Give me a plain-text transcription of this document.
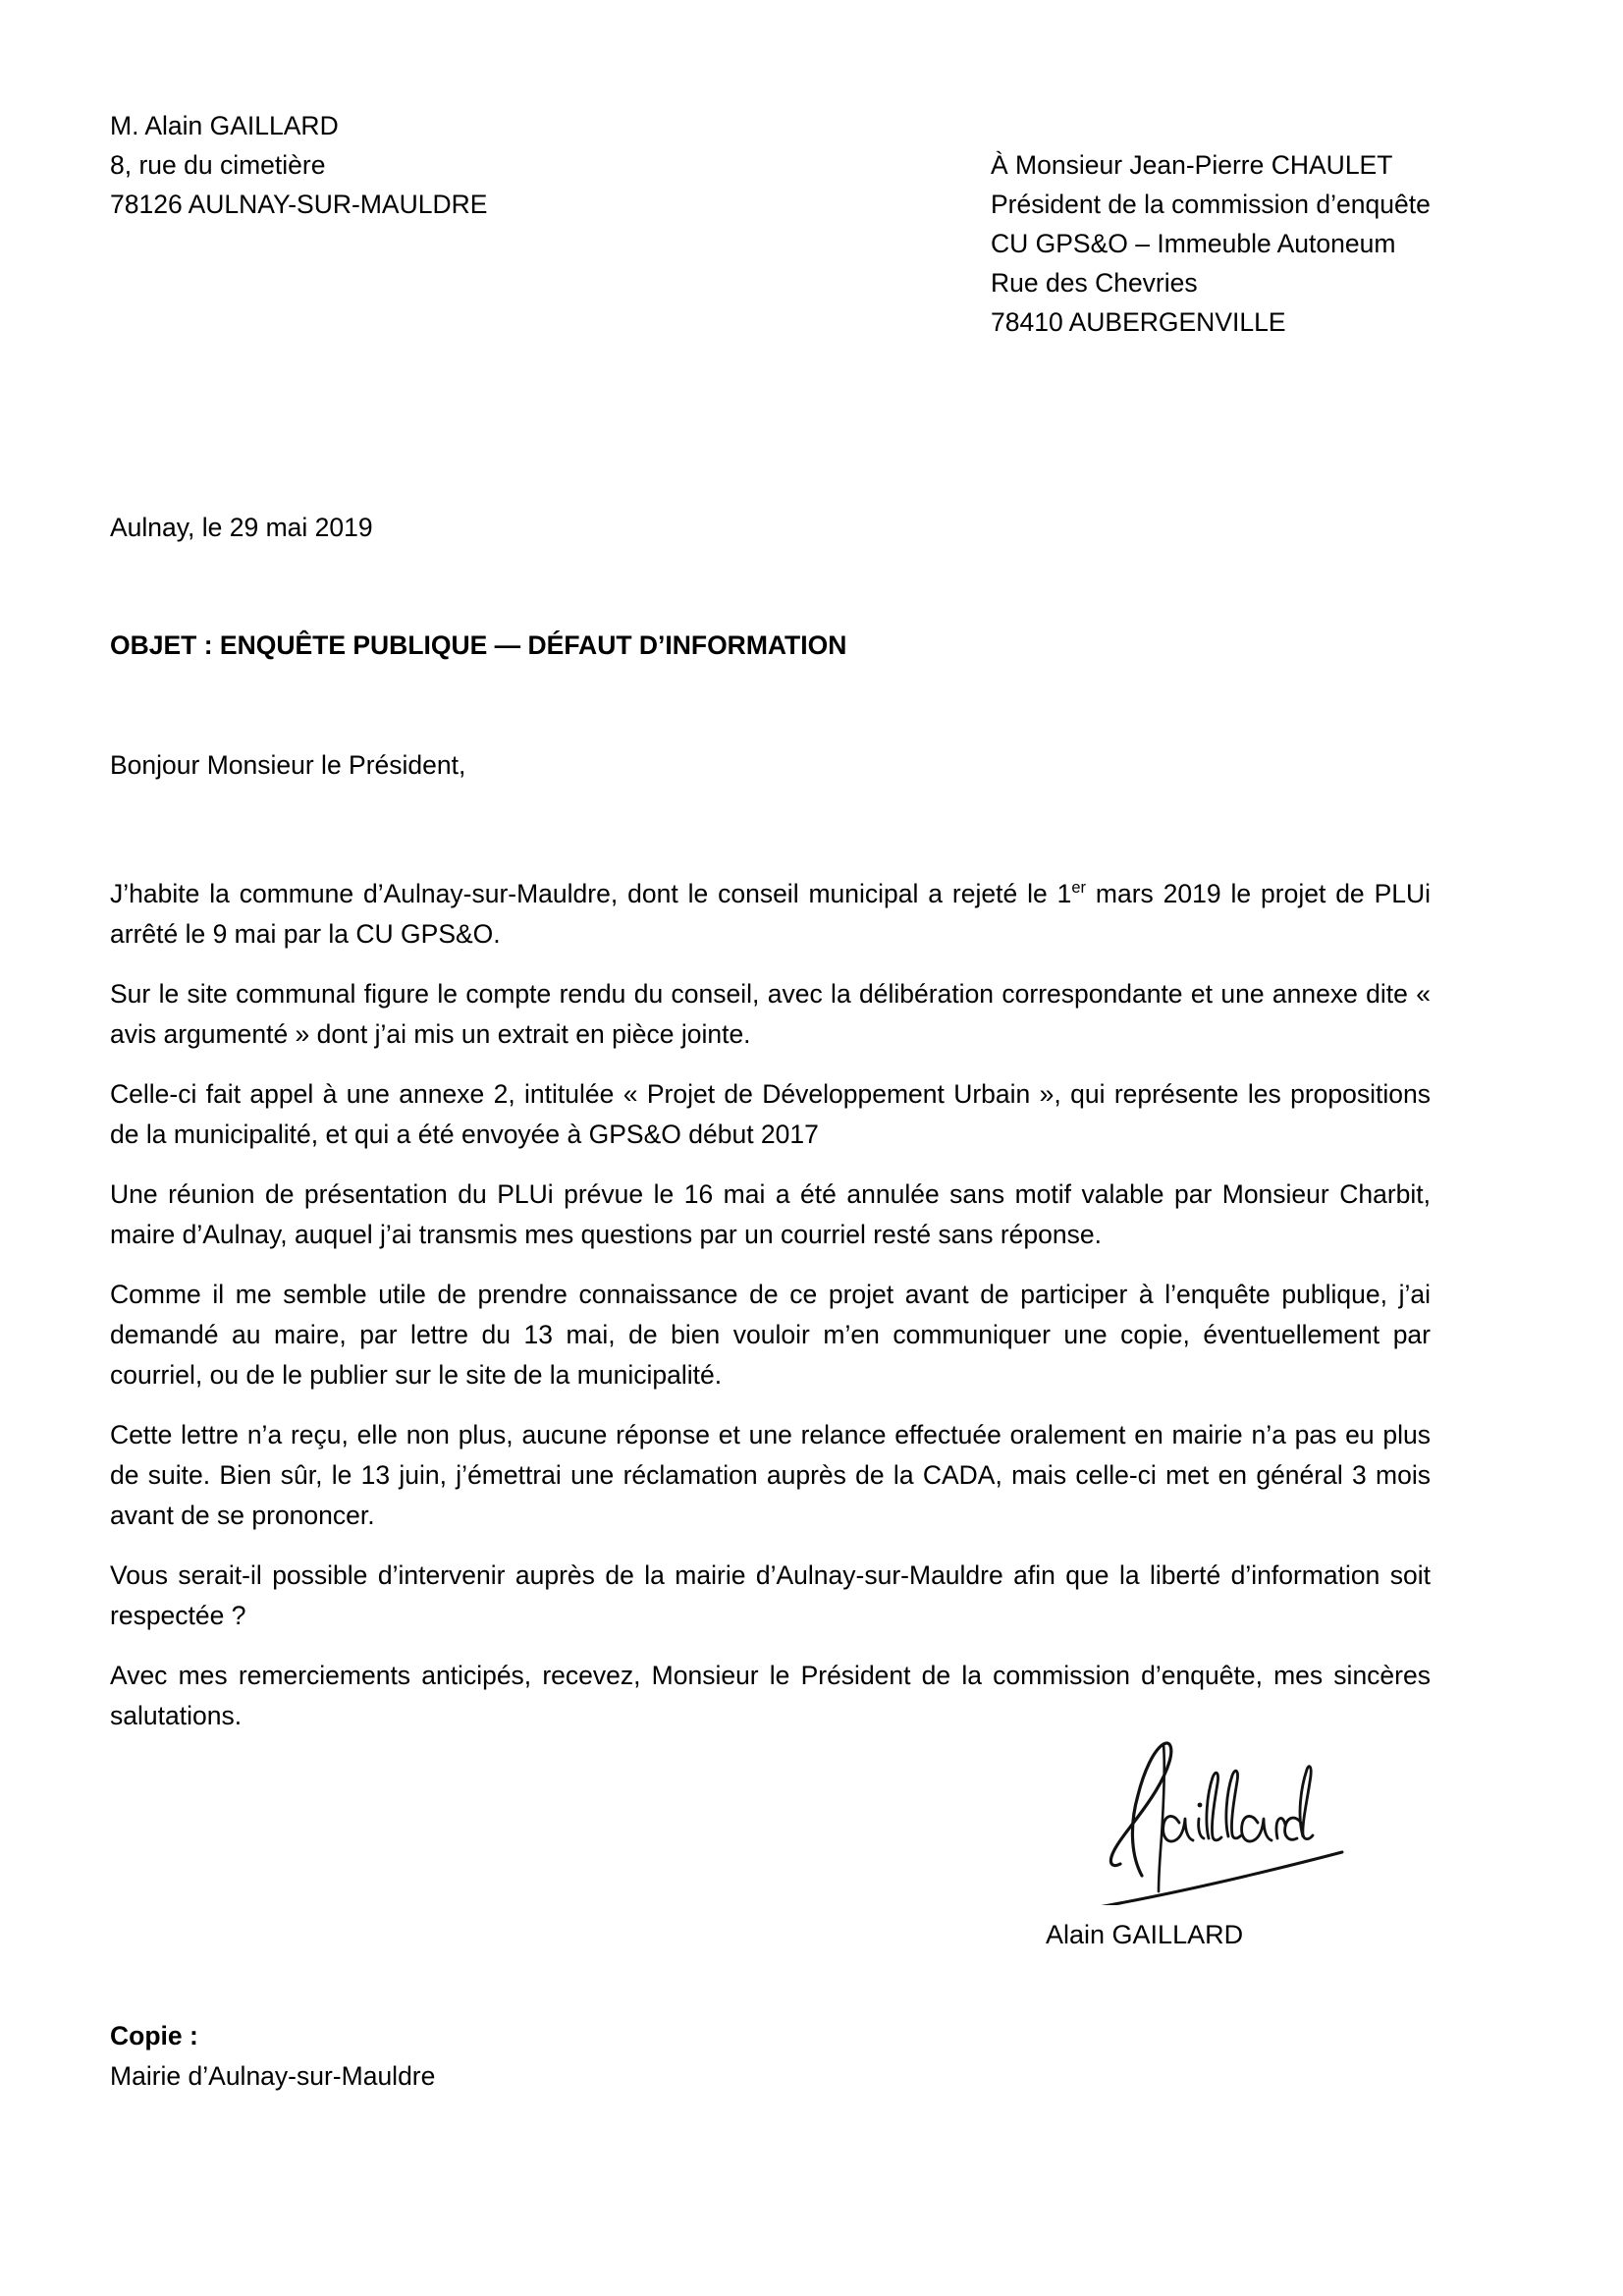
M. Alain GAILLARD
8, rue du cimetière
78126 AULNAY-SUR-MAULDRE
À Monsieur Jean-Pierre CHAULET
Président de la commission d’enquête
CU GPS&O – Immeuble Autoneum
Rue des Chevries
78410 AUBERGENVILLE
Aulnay, le 29 mai 2019
OBJET : ENQUÊTE PUBLIQUE — DÉFAUT D’INFORMATION
Bonjour Monsieur le Président,

J’habite la commune d’Aulnay-sur-Mauldre, dont le conseil municipal a rejeté le 1er mars 2019 le projet de PLUi arrêté le 9 mai par la CU GPS&O.

Sur le site communal figure le compte rendu du conseil, avec la délibération correspondante et une annexe dite « avis argumenté » dont j’ai mis un extrait en pièce jointe.

Celle-ci fait appel à une annexe 2, intitulée « Projet de Développement Urbain », qui représente les propositions de la municipalité, et qui a été envoyée à GPS&O début 2017

Une réunion de présentation du PLUi prévue le 16 mai a été annulée sans motif valable par Monsieur Charbit, maire d’Aulnay, auquel j’ai transmis mes questions par un courriel resté sans réponse.

Comme il me semble utile de prendre connaissance de ce projet avant de participer à l’enquête publique, j’ai demandé au maire, par lettre du 13 mai, de bien vouloir m’en communiquer une copie, éventuellement par courriel, ou de le publier sur le site de la municipalité.

Cette lettre n’a reçu, elle non plus, aucune réponse et une relance effectuée oralement en mairie n’a pas eu plus de suite. Bien sûr, le 13 juin, j’émettrai une réclamation auprès de la CADA, mais celle-ci met en général 3 mois avant de se prononcer.

Vous serait-il possible d’intervenir auprès de la mairie d’Aulnay-sur-Mauldre afin que la liberté d’information soit respectée ?

Avec mes remerciements anticipés, recevez, Monsieur le Président de la commission d’enquête, mes sincères salutations.

Alain GAILLARD
Copie :
Mairie d’Aulnay-sur-Mauldre
